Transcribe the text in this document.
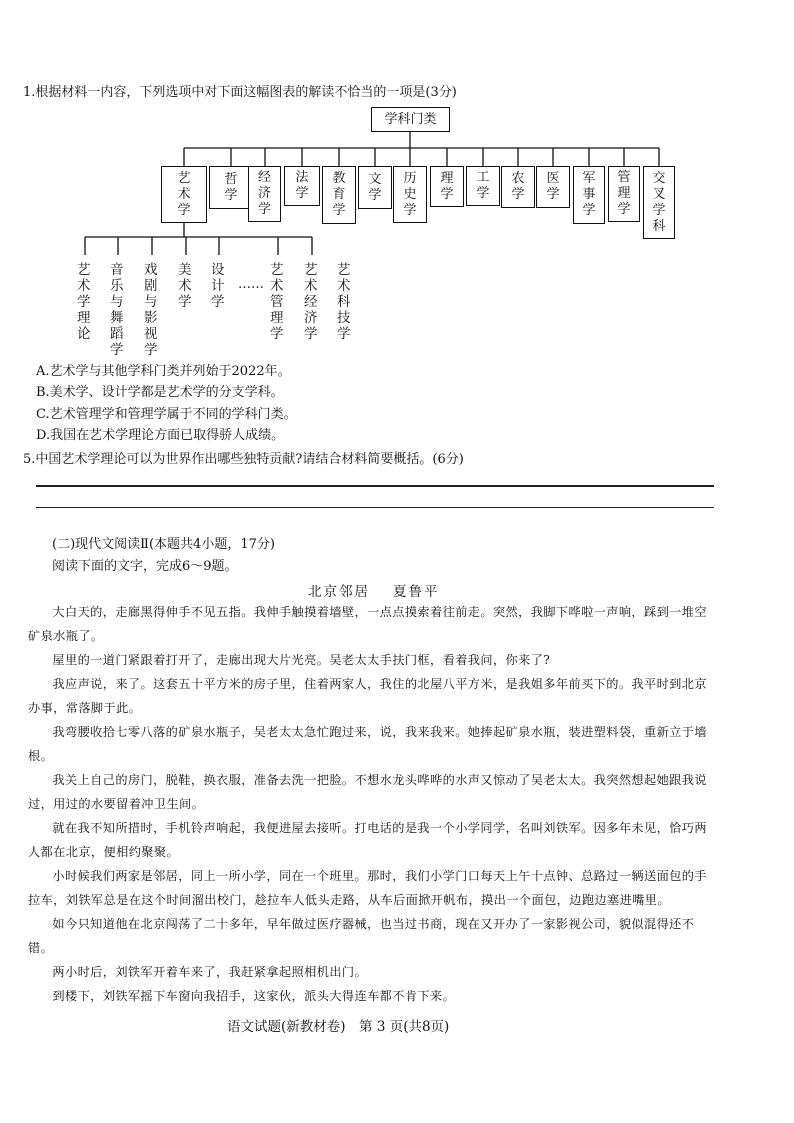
1.根据材料一内容，下列选项中对下面这幅图表的解读不恰当的一项是(3分)
学科门类
艺
术
学
哲
学
经
济
学
法
学
教
育
学
文
学
历
史
学
理
学
工
学
农
学
医
学
军
事
学
管
理
学
交
叉
学
科
艺
术
学
理
论
音
乐
与
舞
蹈
学
戏
剧
与
影
视
学
美
术
学
设
计
学
……
艺
术
管
理
学
艺
术
经
济
学
艺
术
科
技
学
A.艺术学与其他学科门类并列始于2022年。
B.美术学、设计学都是艺术学的分支学科。
C.艺术管理学和管理学属于不同的学科门类。
D.我国在艺术学理论方面已取得骄人成绩。
5.中国艺术学理论可以为世界作出哪些独特贡献?请结合材料简要概括。(6分)
(二)现代文阅读Ⅱ(本题共4小题，17分)
阅读下面的文字，完成6～9题。
北京邻居 夏鲁平

大白天的，走廊黑得伸手不见五指。我伸手触摸着墙壁，一点点摸索着往前走。突然，我脚下哗啦一声响，踩到一堆空矿泉水瓶了。

屋里的一道门紧跟着打开了，走廊出现大片光亮。吴老太太手扶门框，看着我问，你来了?

我应声说，来了。这套五十平方米的房子里，住着两家人，我住的北屋八平方米，是我姐多年前买下的。我平时到北京办事，常落脚于此。

我弯腰收拾七零八落的矿泉水瓶子，吴老太太急忙跑过来，说，我来我来。她捧起矿泉水瓶，装进塑料袋，重新立于墙根。

我关上自己的房门，脱鞋，换衣服，准备去洗一把脸。不想水龙头哗哗的水声又惊动了吴老太太。我突然想起她跟我说过，用过的水要留着冲卫生间。

就在我不知所措时，手机铃声响起，我便进屋去接听。打电话的是我一个小学同学，名叫刘铁军。因多年未见，恰巧两人都在北京，便相约聚聚。

小时候我们两家是邻居，同上一所小学，同在一个班里。那时，我们小学门口每天上午十点钟、总路过一辆送面包的手拉车，刘铁军总是在这个时间溜出校门，趁拉车人低头走路，从车后面掀开帆布，摸出一个面包，边跑边塞进嘴里。

如今只知道他在北京闯荡了二十多年，早年做过医疗器械，也当过书商，现在又开办了一家影视公司，貌似混得还不错。

两小时后，刘铁军开着车来了，我赶紧拿起照相机出门。

到楼下，刘铁军摇下车窗向我招手，这家伙，派头大得连车都不肯下来。

语文试题(新教材卷)　第 3 页(共8页)
